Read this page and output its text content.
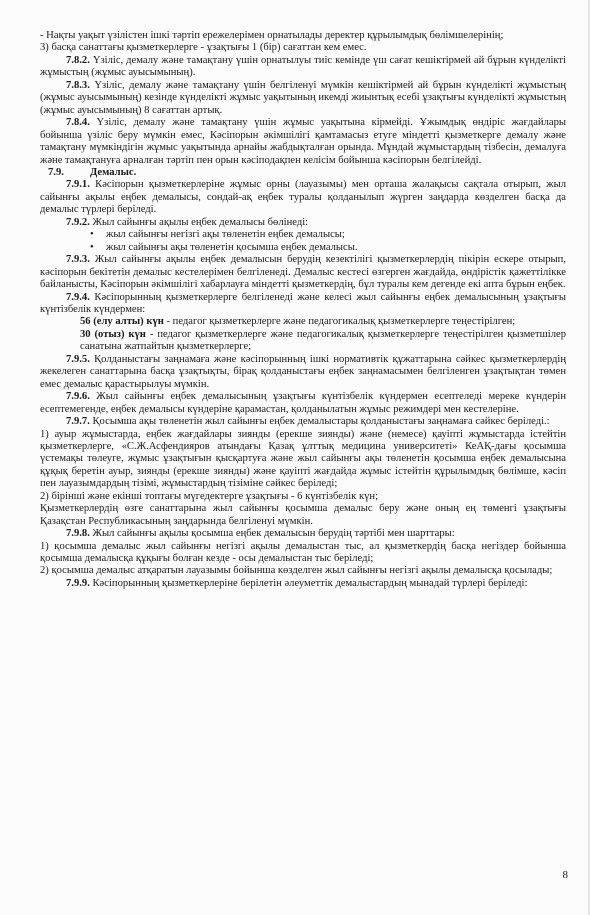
- Нақты уақыт үзілістен ішкі тәртіп ережелерімен орнатылады деректер құрылымдық бөлімшелерінің;

3) басқа санаттағы қызметкерлерге - ұзақтығы 1 (бір) сағаттан кем емес.

7.8.2. Үзіліс, демалу және тамақтану үшін орнатылуы тиіс кемінде үш сағат кешіктірмей ай бұрын күнделікті жұмыстың (жұмыс ауысымының).

7.8.3. Үзіліс, демалу және тамақтану үшін белгіленуі мүмкін кешіктірмей ай бұрын күнделікті жұмыстың (жұмыс ауысымының) кезінде күнделікті жұмыс уақытының икемді жиынтық есебі ұзақтығы күнделікті жұмыстың (жұмыс ауысымының) 8 сағаттан артық.

7.8.4. Үзіліс, демалу және тамақтану үшін жұмыс уақытына кірмейді. Ұжымдық өндіріс жағдайлары бойынша үзіліс беру мүмкін емес, Кәсіпорын әкімшілігі қамтамасыз етуге міндетті қызметкерге демалу және тамақтану мүмкіндігін жұмыс уақытында арнайы жабдықталған орында. Мұндай жұмыстардың тізбесін, демалуға және тамақтануға арналған тәртіп пен орын кәсіподақпен келісім бойынша кәсіпорын белгілейді.

7.9. Демалыс.

7.9.1. Кәсіпорын қызметкерлеріне жұмыс орны (лауазымы) мен орташа жалақысы сақтала отырып, жыл сайынғы ақылы еңбек демалысы, сондай-ақ еңбек туралы қолданылып жүрген заңдарда көзделген басқа да демалыс түрлері беріледі.

7.9.2. Жыл сайынғы ақылы еңбек демалысы бөлінеді:

• жыл сайынғы негізгі ақы төленетін еңбек демалысы;
• жыл сайынғы ақы төленетін қосымша еңбек демалысы.

7.9.3. Жыл сайынғы ақылы еңбек демалысын берудің кезектілігі қызметкерлердің пікірін ескере отырып, кәсіпорын бекітетін демалыс кестелерімен белгіленеді. Демалыс кестесі өзгерген жағдайда, өндірістік қажеттілікке байланысты, Кәсіпорын әкімшілігі хабарлауға міндетті қызметкердің, бұл туралы кем дегенде екі апта бұрын еңбек.

7.9.4. Кәсіпорынның қызметкерлерге белгіленеді және келесі жыл сайынғы еңбек демалысының ұзақтығы күнтізбелік күндермен:

56 (елу алты) күн - педагог қызметкерлерге және педагогикалық қызметкерлерге теңестірілген;

30 (отыз) күн - педагог қызметкерлерге және педагогикалық қызметкерлерге теңестірілген қызметшілер санатына жатпайтын қызметкерлерге;

7.9.5. Қолданыстағы заңнамаға және кәсіпорынның ішкі нормативтік құжаттарына сәйкес қызметкерлердің жекелеген санаттарына басқа ұзақтықты, бірақ қолданыстағы еңбек заңнамасымен белгіленген ұзақтықтан төмен емес демалыс қарастырылуы мүмкін.

7.9.6. Жыл сайынғы еңбек демалысының ұзақтығы күнтізбелік күндермен есептеледі мереке күндерін есептемегенде, еңбек демалысы күндеріне қарамастан, қолданылатын жұмыс режимдері мен кестелеріне.

7.9.7. Қосымша ақы төленетін жыл сайынғы еңбек демалыстары қолданыстағы заңнамаға сәйкес беріледі.:

1) ауыр жұмыстарда, еңбек жағдайлары зиянды (ерекше зиянды) және (немесе) қауіпті жұмыстарда істейтін қызметкерлерге, «С.Ж.Асфендияров атындағы Қазақ ұлттық медицина университеті» КеАҚ-дағы қосымша үстемақы төлеуге, жұмыс ұзақтығын қысқартуға және жыл сайынғы ақы төленетін қосымша еңбек демалысына құқық беретін ауыр, зиянды (ерекше зиянды) және қауіпті жағдайда жұмыс істейтін құрылымдық бөлімше, кәсіп пен лауазымдардың тізімі, жұмыстардың тізіміне сәйкес беріледі;

2) бірінші және екінші топтағы мүгедектерге ұзақтығы - 6 күнтізбелік күн;

Қызметкерлердің өзге санаттарына жыл сайынғы қосымша демалыс беру және оның ең төменгі ұзақтығы Қазақстан Республикасының заңдарында белгіленуі мүмкін.

7.9.8. Жыл сайынғы ақылы қосымша еңбек демалысын берудің тәртібі мен шарттары:

1) қосымша демалыс жыл сайынғы негізгі ақылы демалыстан тыс, ал қызметкердің басқа негіздер бойынша қосымша демалысқа құқығы болған кезде - осы демалыстан тыс беріледі;

2) қосымша демалыс атқаратын лауазымы бойынша көзделген жыл сайынғы негізгі ақылы демалысқа қосылады;

7.9.9. Кәсіпорынның қызметкерлеріне берілетін әлеуметтік демалыстардың мынадай түрлері беріледі:

8
